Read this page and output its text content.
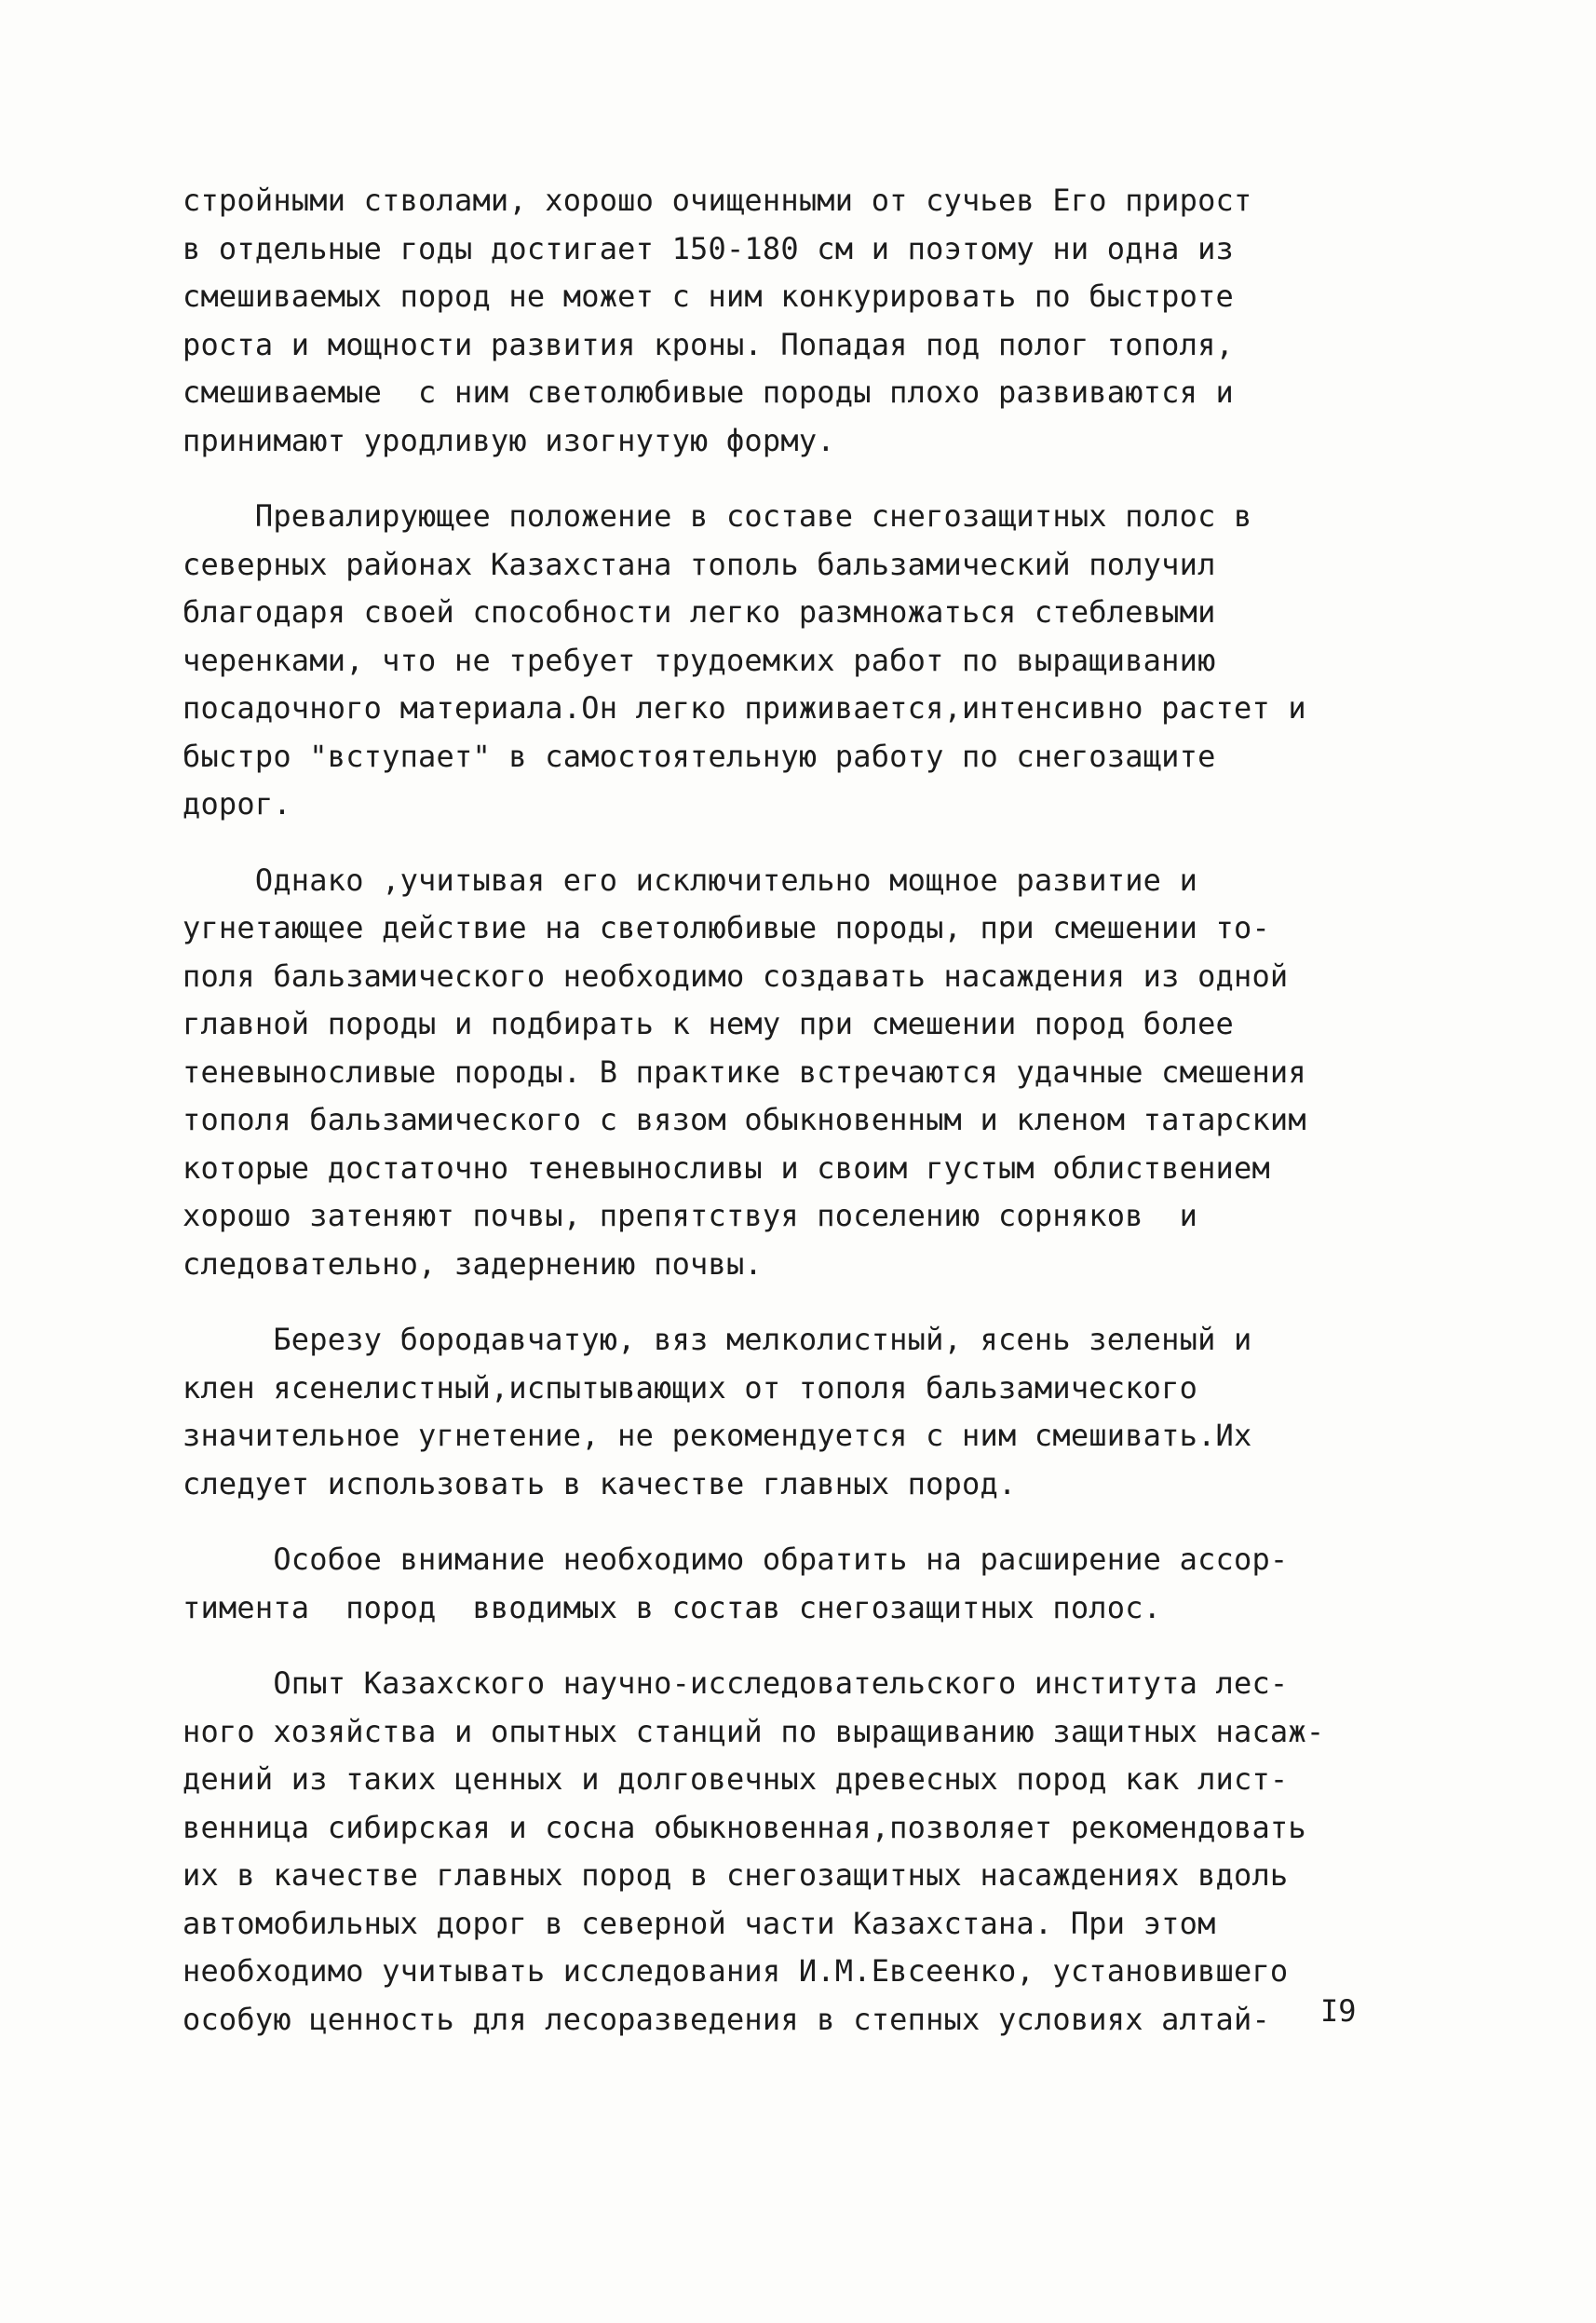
стройными стволами, хорошо очищенными от сучьев Его прирост
в отдельные годы достигает 150-180 см и поэтому ни одна из
смешиваемых пород не может с ним конкурировать по быстроте
роста и мощности развития кроны. Попадая под полог тополя,
смешиваемые  с ним светолюбивые породы плохо развиваются и
принимают уродливую изогнутую форму.
Превалирующее положение в составе снегозащитных полос в
северных районах Казахстана тополь бальзамический получил
благодаря своей способности легко размножаться стеблевыми
черенками, что не требует трудоемких работ по выращиванию
посадочного материала.Он легко приживается,интенсивно растет и
быстро "вступает" в самостоятельную работу по снегозащите
дорог.
Однако ,учитывая его исключительно мощное развитие и
угнетающее действие на светолюбивые породы, при смешении то-
поля бальзамического необходимо создавать насаждения из одной
главной породы и подбирать к нему при смешении пород более
теневыносливые породы. В практике встречаются удачные смешения
тополя бальзамического с вязом обыкновенным и кленом татарским
которые достаточно теневыносливы и своим густым облиствением
хорошо затеняют почвы, препятствуя поселению сорняков  и
следовательно, задернению почвы.
Березу бородавчатую, вяз мелколистный, ясень зеленый и
клен ясенелистный,испытывающих от тополя бальзамического
значительное угнетение, не рекомендуется с ним смешивать.Их
следует использовать в качестве главных пород.
Особое внимание необходимо обратить на расширение ассор-
тимента  пород  вводимых в состав снегозащитных полос.
Опыт Казахского научно-исследовательского института лес-
ного хозяйства и опытных станций по выращиванию защитных насаж-
дений из таких ценных и долговечных древесных пород как лист-
венница сибирская и сосна обыкновенная,позволяет рекомендовать
их в качестве главных пород в снегозащитных насаждениях вдоль
автомобильных дорог в северной части Казахстана. При этом
необходимо учитывать исследования И.М.Евсеенко, установившего
особую ценность для лесоразведения в степных условиях алтай-	I9
